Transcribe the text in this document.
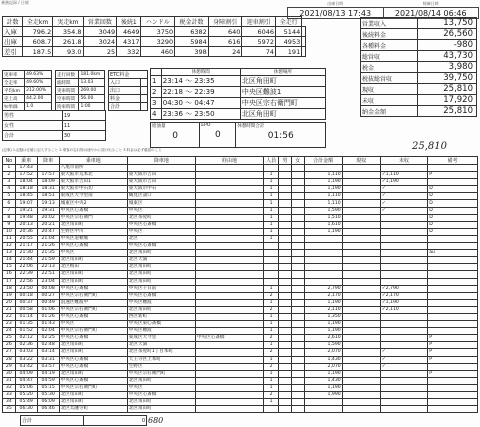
乗務記録 / 日報	出庫日時	帰庫日時
2021/08/13 17:43	2021/08/14 06:46
計数	全走km	実走km	営業回数	後続1	ハンドル	税金計数	身障割引	迎車割引	全走行	
入庫	796.2	354.8	3049	4649	3750	6382	640	6046	5144	
出庫	608.7	261.8	3024	4317	3290	5984	616	5972	4953	
差引	187.5	93.0	25	332	460	398	24	74	191	
営業収入	13,750
後続料金	26,560
各種料金	-980
総営収	43,730
税金	3,980
税抜総営収	39,750
現収	25,810
未収	17,920
納金金額	25,810
実車率	49.63%
全走率	49.60%
平均km	212.00%
売上高	44.2.00
ｷﾛ単価	1.0
走行回数	181.0km
総時間	13.03
実車時間	269.00
空車時間	56.00
拘束時間	1:00
男性	19
女性	11
合計	30
ETC料金	
入口	
出口	
料金	
合計	
	休憩時間	休憩場所
1	23:14 ～ 23:35	北区角田町
2	22:18 ～ 22:39	中央区難波1
3	04:30 ～ 04:47	中央区宗右衛門町
4	23:36 ～ 23:50	北区角田町
給油量
0
	EPO
0
	休憩時間合計
01:56
(記事) 1.記録は正確に記入すること 2.乗客の忘れ物は速やかに届け出ること 3.料金は必ず確認のこと	25,810
No	乗車	降車	乗車地	降車地	経由地	人員	男	女	合計金額	現収	未収	備考
1	17:43		八尾市南所									
2	17:52	17:57	東大阪市荒本北	東大阪市吉田		1			1,110		✓1,110	P
3	18:04	18:09	東大阪市吉田1	東大阪市吉田		1			1,190		✓1,190	
4	18:18	18:31	東大阪市中石切	東大阪市中石		1			1,190		✓	D
5	18:45	18:51	東成区大今里南	鶴見区諸口		1			1,110		✓	D
6	19:07	19:13	城東区中央2	城東区		1			1,110		✓	D
7	19:21	19:31	中央区心斎橋	中央区		1			1,590		✓	D
8	19:48	20:02	中央区宗右衛門	北区茶屋町		1			1,510			D
9	20:13	20:21	北区角田町	中央区心斎橋		1			1,610			D
10	20:36	20:47	生野区中川	中央区		1			1,190			D
11	20:55	21:04	中央区道頓堀	北区		1						
12	21:17	21:26	中央区心斎橋	中央区心斎橋								
13	21:30	21:35	中央区	北区角田町								au
14	21:44	21:59	北区角田町	北区天満								
15	22:06	22:13	北区梅田	北区角田町								
16	22:39	22:51	北区角田町	北区角田町								
17	22:56	23:04	北区角田町	北区角田町								
18	23:50	00:08	中央区心斎橋	中央区千日前		1			2,790		✓2,790	
19	00:18	00:27	中央区宗右衛門町	中央区心斎橋		2			2,170		✓2,170	
20	00:37	00:49	浪速区難波中	中央区難波		1			1,190		✓1,190	
21	00:58	01:06	中央区宗右衛門町	北区角田町		2			2,110		✓2,110	
22	01:14	01:26	中央区心斎橋	西区新町		1			1,350			
23	01:35	01:43	中央区	中央区東心斎橋		1			1,190			
24	01:52	02:04	中央区宗右衛門町	中央区難波		1			1,190			
25	02:12	02:25	中央区心斎橋	東成区大今里	中央区心斎橋	2			2,610			P
26	02:36	02:48	北区角田町	北区天満		1			1,590			P
27	03:03	03:14	北区角田町	北区茶屋町1丁目本町		2			2,070		✓	P
28	03:22	03:31	中央区心斎橋	天王寺区上本町		1			1,430		✓	P
29	03:42	03:57	中央区心斎橋	生野区		2			2,070		✓	
30	04:09	04:19	北区角田町	中央区宗右衛門町		1			1,190			P
31	04:47	04:59	中央区心斎橋	北区角田町		1			1,430			
32	05:06	05:15	中央区宗右衛門町	中央区		1			1,190			
33	05:20	05:30	北区角田町	中央区心斎橋		2			1,990			
34	05:49	06:09	北区角田町	北区角田町		1						
35	06:30	06:46	北区太融寺町	北区角田町								
合計	0	680
